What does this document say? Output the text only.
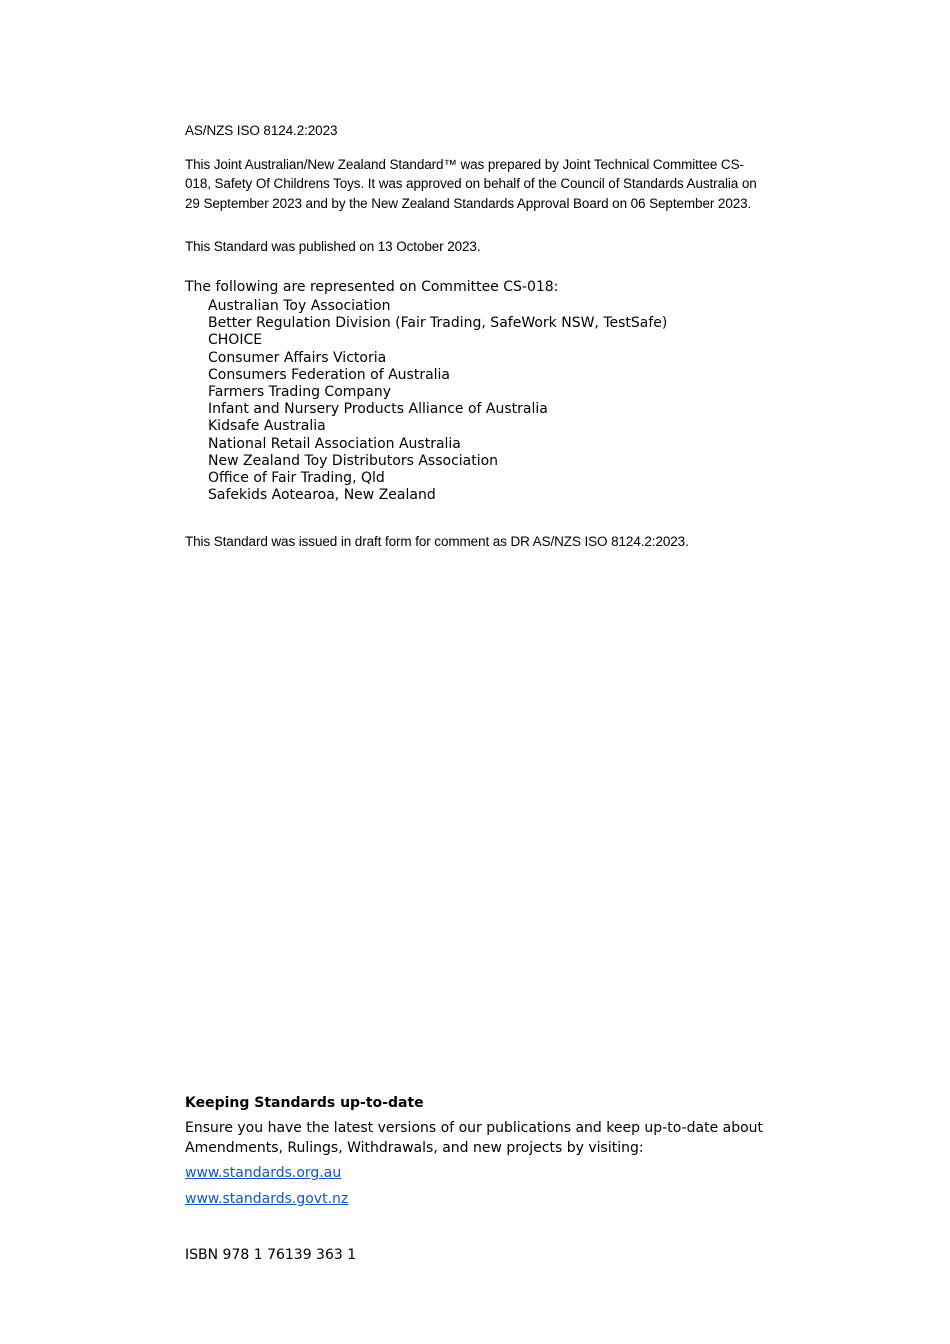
AS/NZS ISO 8124.2:2023

This Joint Australian/New Zealand Standard™ was prepared by Joint Technical Committee CS-018, Safety Of Childrens Toys. It was approved on behalf of the Council of Standards Australia on 29 September 2023 and by the New Zealand Standards Approval Board on 06 September 2023.

This Standard was published on 13 October 2023.
The following are represented on Committee CS-018:
Australian Toy Association
Better Regulation Division (Fair Trading, SafeWork NSW, TestSafe)
CHOICE
Consumer Affairs Victoria
Consumers Federation of Australia
Farmers Trading Company
Infant and Nursery Products Alliance of Australia
Kidsafe Australia
National Retail Association Australia
New Zealand Toy Distributors Association
Office of Fair Trading, Qld
Safekids Aotearoa, New Zealand
This Standard was issued in draft form for comment as DR AS/NZS ISO 8124.2:2023.
Keeping Standards up-to-date

Ensure you have the latest versions of our publications and keep up-to-date about Amendments, Rulings, Withdrawals, and new projects by visiting:

www.standards.org.au
www.standards.govt.nz
ISBN 978 1 76139 363 1
